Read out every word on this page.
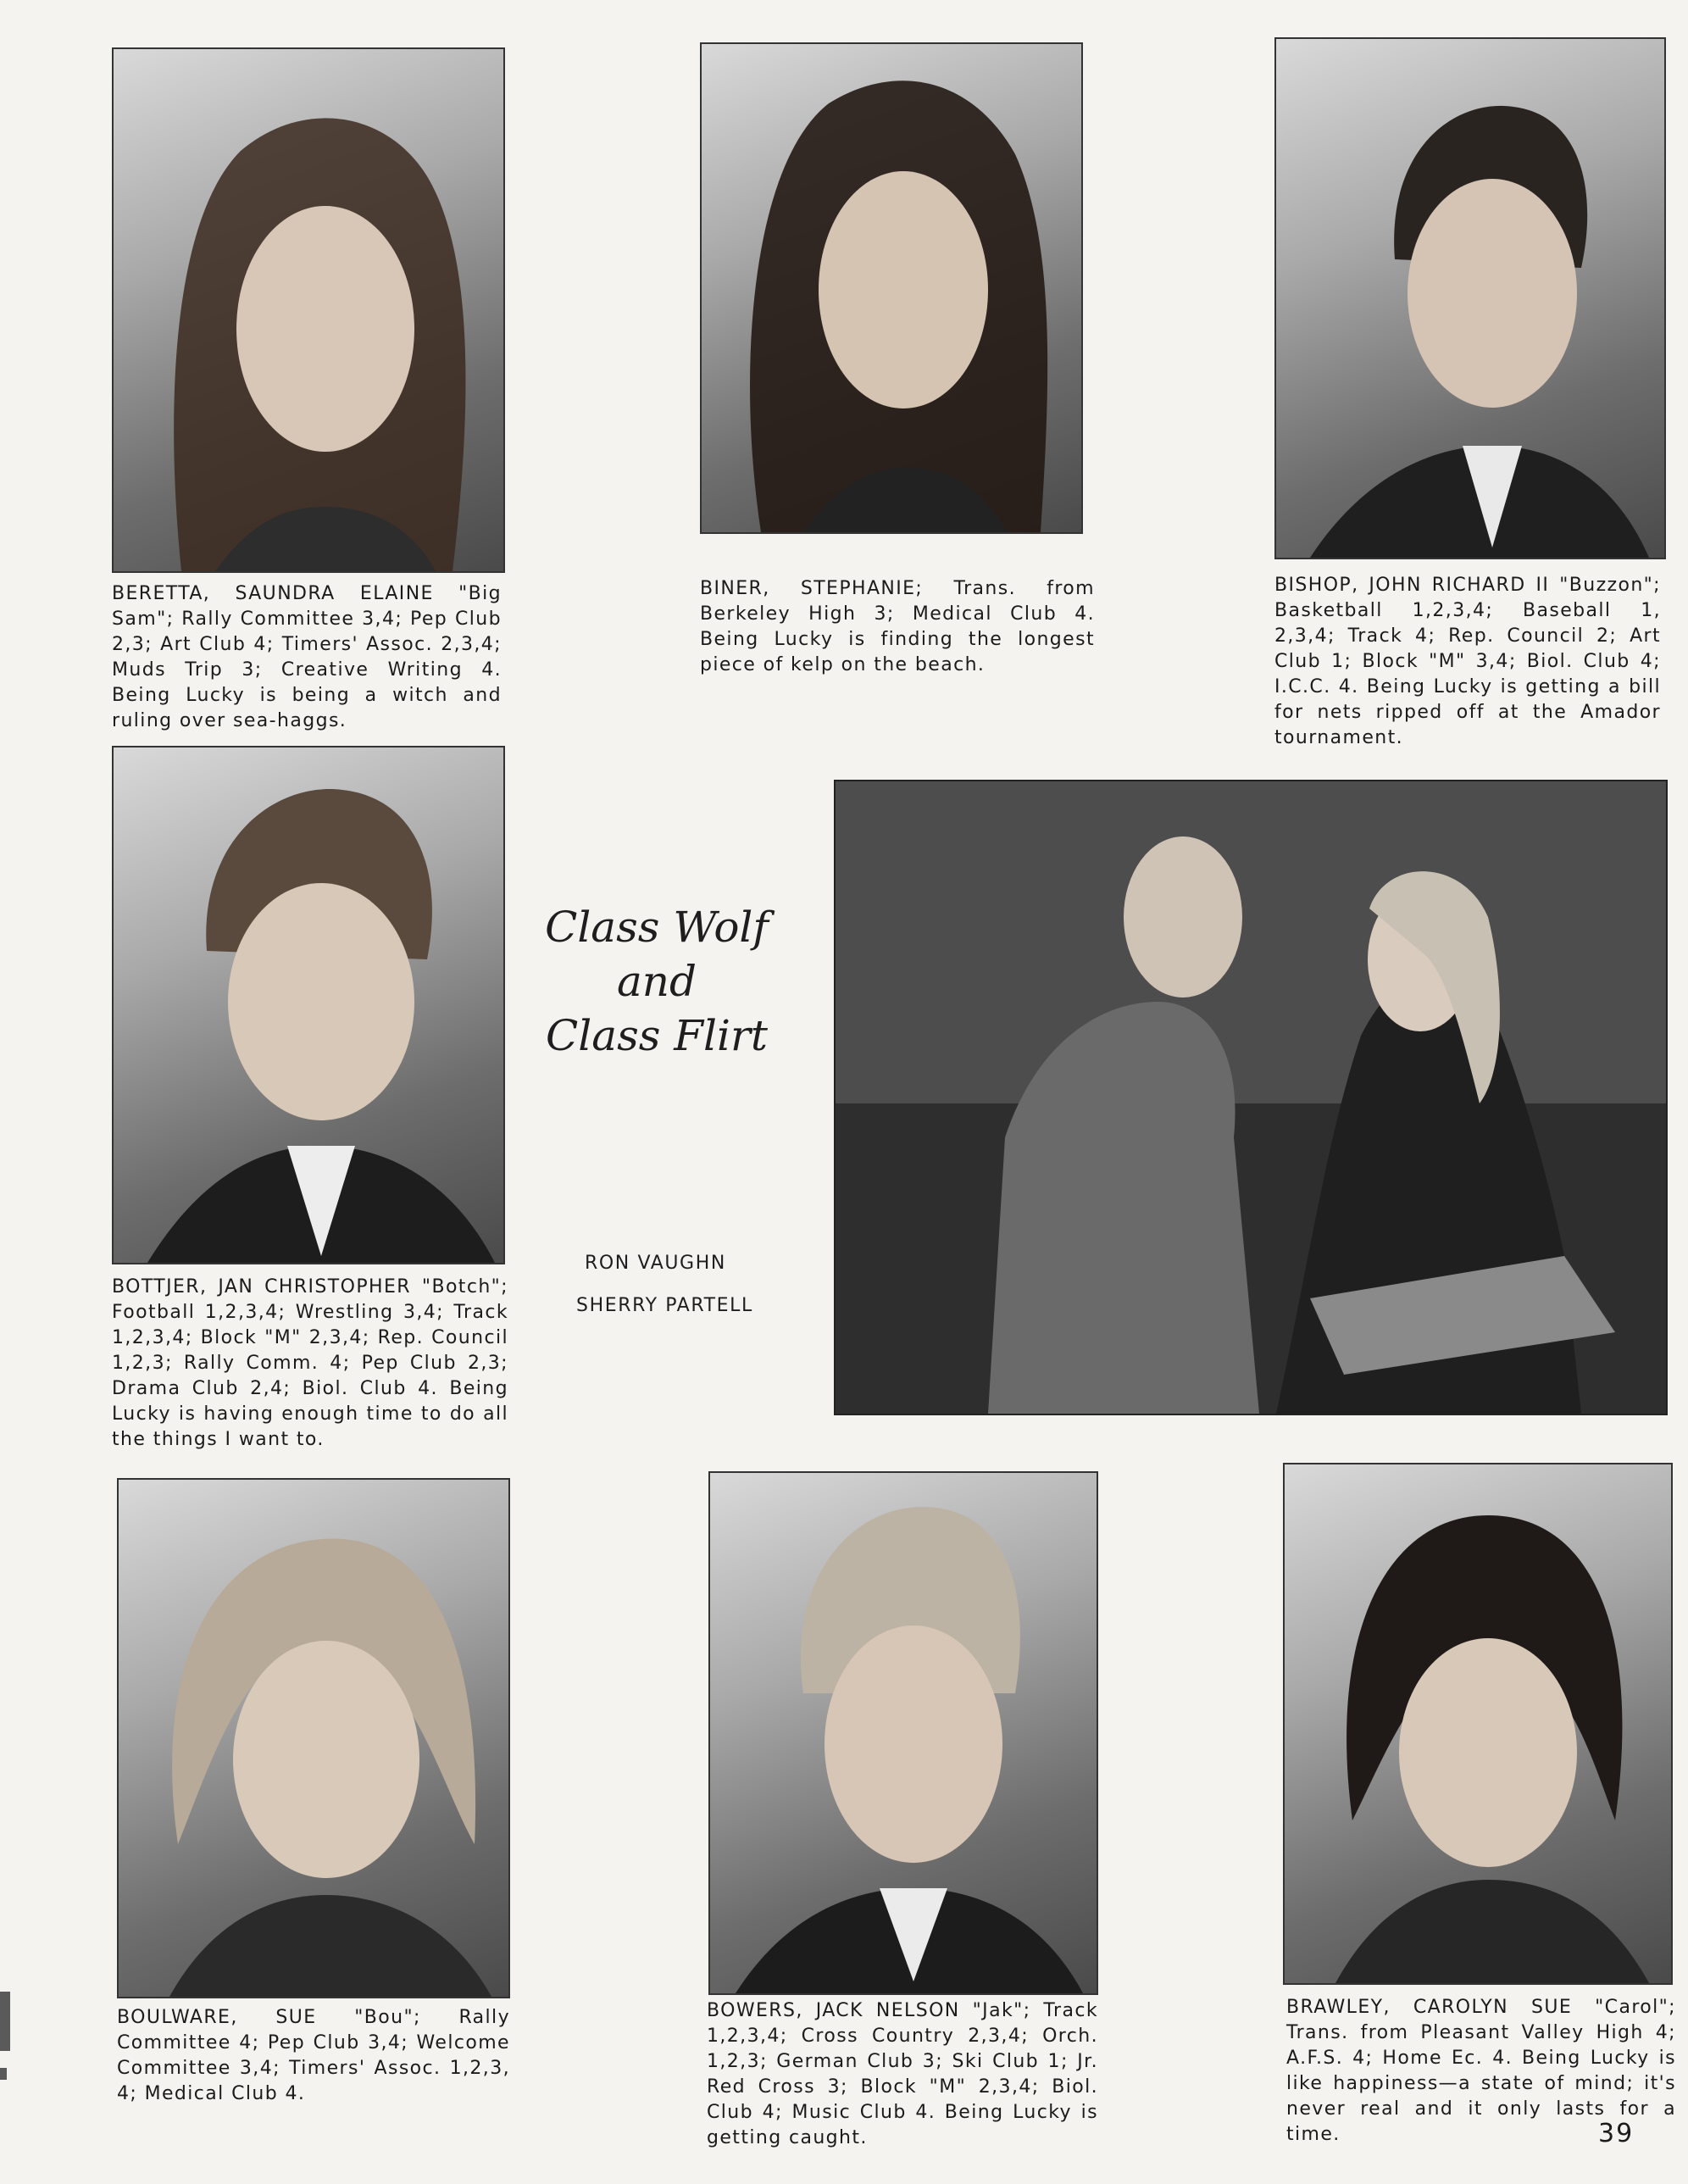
BERETTA, SAUNDRA ELAINE "Big Sam"; Rally Committee 3,4; Pep Club 2,3; Art Club 4; Timers' Assoc. 2,3,4; Muds Trip 3; Creative Writing 4. Being Lucky is being a witch and ruling over sea-haggs.
BINER, STEPHANIE; Trans. from Berkeley High 3; Medical Club 4. Being Lucky is finding the longest piece of kelp on the beach.
BISHOP, JOHN RICHARD II "Buzzon"; Basketball 1,2,3,4; Baseball 1, 2,3,4; Track 4; Rep. Council 2; Art Club 1; Block "M" 3,4; Biol. Club 4; I.C.C. 4. Being Lucky is getting a bill for nets ripped off at the Amador tournament.
BOTTJER, JAN CHRISTOPHER "Botch"; Football 1,2,3,4; Wrestling 3,4; Track 1,2,3,4; Block "M" 2,3,4; Rep. Council 1,2,3; Rally Comm. 4; Pep Club 2,3; Drama Club 2,4; Biol. Club 4. Being Lucky is having enough time to do all the things I want to.
Class Wolf
and
Class Flirt
RON VAUGHN
SHERRY PARTELL
BOULWARE, SUE "Bou"; Rally Committee 4; Pep Club 3,4; Welcome Committee 3,4; Timers' Assoc. 1,2,3, 4; Medical Club 4.
BOWERS, JACK NELSON "Jak"; Track 1,2,3,4; Cross Country 2,3,4; Orch. 1,2,3; German Club 3; Ski Club 1; Jr. Red Cross 3; Block "M" 2,3,4; Biol. Club 4; Music Club 4. Being Lucky is getting caught.
BRAWLEY, CAROLYN SUE "Carol"; Trans. from Pleasant Valley High 4; A.F.S. 4; Home Ec. 4. Being Lucky is like happiness—a state of mind; it's never real and it only lasts for a time.	39
